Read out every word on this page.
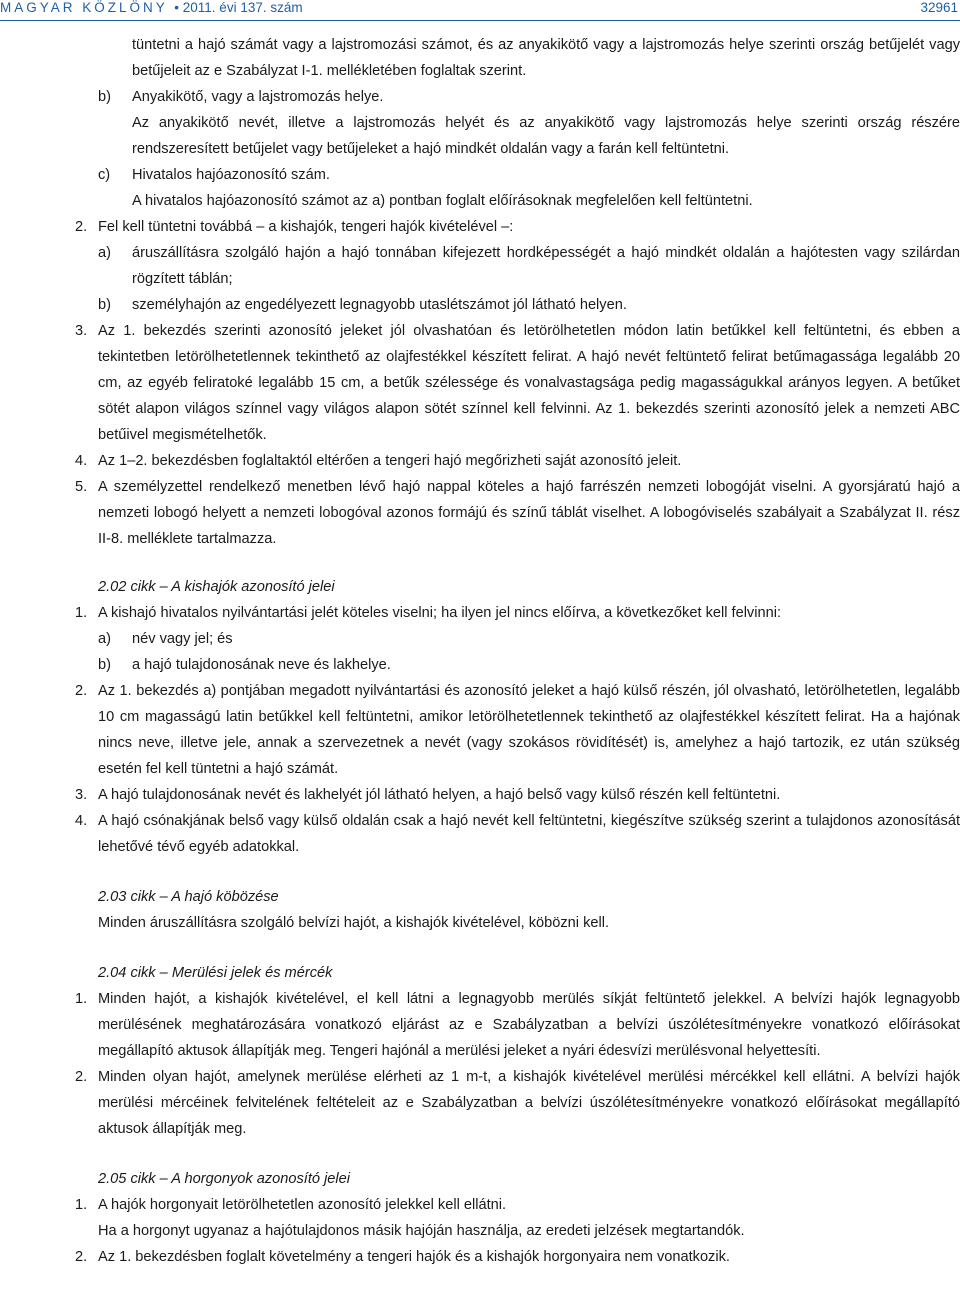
MAGYAR KÖZLÖNY • 2011. évi 137. szám	32961

tüntetni a hajó számát vagy a lajstromozási számot, és az anyakikötő vagy a lajstromozás helye szerinti ország betűjelét vagy betűjeleit az e Szabályzat I-1. mellékletében foglaltak szerint.

b) Anyakikötő, vagy a lajstromozás helye.

Az anyakikötő nevét, illetve a lajstromozás helyét és az anyakikötő vagy lajstromozás helye szerinti ország részére rendszeresített betűjelet vagy betűjeleket a hajó mindkét oldalán vagy a farán kell feltüntetni.

c) Hivatalos hajóazonosító szám.

A hivatalos hajóazonosító számot az a) pontban foglalt előírásoknak megfelelően kell feltüntetni.

2. Fel kell tüntetni továbbá – a kishajók, tengeri hajók kivételével –:
a) áruszállításra szolgáló hajón a hajó tonnában kifejezett hordképességét a hajó mindkét oldalán a hajótesten vagy szilárdan rögzített táblán;
b) személyhajón az engedélyezett legnagyobb utaslétszámot jól látható helyen.
3. Az 1. bekezdés szerinti azonosító jeleket jól olvashatóan és letörölhetetlen módon latin betűkkel kell feltüntetni, és ebben a tekintetben letörölhetetlennek tekinthető az olajfestékkel készített felirat. A hajó nevét feltüntető felirat betűmagassága legalább 20 cm, az egyéb feliratoké legalább 15 cm, a betűk szélessége és vonalvastagsága pedig magasságukkal arányos legyen. A betűket sötét alapon világos színnel vagy világos alapon sötét színnel kell felvinni. Az 1. bekezdés szerinti azonosító jelek a nemzeti ABC betűivel megismételhetők.
4. Az 1–2. bekezdésben foglaltaktól eltérően a tengeri hajó megőrizheti saját azonosító jeleit.
5. A személyzettel rendelkező menetben lévő hajó nappal köteles a hajó farrészén nemzeti lobogóját viselni. A gyorsjáratú hajó a nemzeti lobogó helyett a nemzeti lobogóval azonos formájú és színű táblát viselhet. A lobogóviselés szabályait a Szabályzat II. rész II-8. melléklete tartalmazza.

2.02 cikk – A kishajók azonosító jelei

1. A kishajó hivatalos nyilvántartási jelét köteles viselni; ha ilyen jel nincs előírva, a következőket kell felvinni:
a) név vagy jel; és
b) a hajó tulajdonosának neve és lakhelye.
2. Az 1. bekezdés a) pontjában megadott nyilvántartási és azonosító jeleket a hajó külső részén, jól olvasható, letörölhetetlen, legalább 10 cm magasságú latin betűkkel kell feltüntetni, amikor letörölhetetlennek tekinthető az olajfestékkel készített felirat. Ha a hajónak nincs neve, illetve jele, annak a szervezetnek a nevét (vagy szokásos rövidítését) is, amelyhez a hajó tartozik, ez után szükség esetén fel kell tüntetni a hajó számát.
3. A hajó tulajdonosának nevét és lakhelyét jól látható helyen, a hajó belső vagy külső részén kell feltüntetni.
4. A hajó csónakjának belső vagy külső oldalán csak a hajó nevét kell feltüntetni, kiegészítve szükség szerint a tulajdonos azonosítását lehetővé tévő egyéb adatokkal.

2.03 cikk – A hajó köbözése

Minden áruszállításra szolgáló belvízi hajót, a kishajók kivételével, köbözni kell.

2.04 cikk – Merülési jelek és mércék

1. Minden hajót, a kishajók kivételével, el kell látni a legnagyobb merülés síkját feltüntető jelekkel. A belvízi hajók legnagyobb merülésének meghatározására vonatkozó eljárást az e Szabályzatban a belvízi úszólétesítményekre vonatkozó előírásokat megállapító aktusok állapítják meg. Tengeri hajónál a merülési jeleket a nyári édesvízi merülésvonal helyettesíti.
2. Minden olyan hajót, amelynek merülése elérheti az 1 m-t, a kishajók kivételével merülési mércékkel kell ellátni. A belvízi hajók merülési mércéinek felvitelének feltételeit az e Szabályzatban a belvízi úszólétesítményekre vonatkozó előírásokat megállapító aktusok állapítják meg.

2.05 cikk – A horgonyok azonosító jelei

1. A hajók horgonyait letörölhetetlen azonosító jelekkel kell ellátni.

Ha a horgonyt ugyanaz a hajótulajdonos másik hajóján használja, az eredeti jelzések megtartandók.

2. Az 1. bekezdésben foglalt követelmény a tengeri hajók és a kishajók horgonyaira nem vonatkozik.
